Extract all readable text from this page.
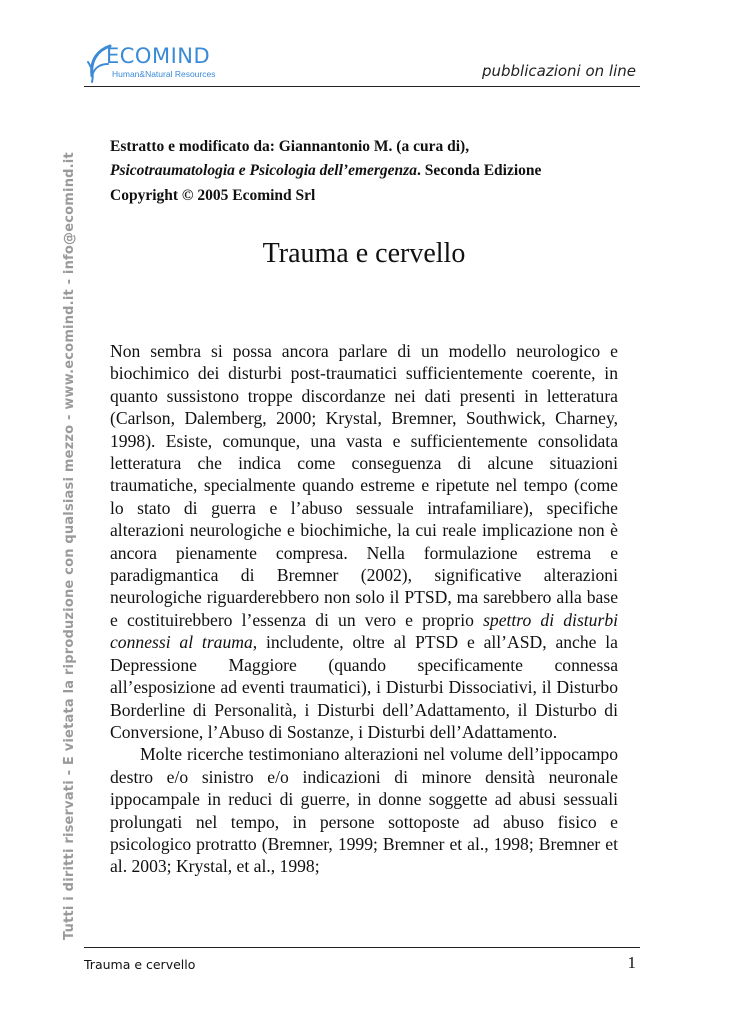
Tutti i diritti riservati - È vietata la riproduzione con qualsiasi mezzo - www.ecomind.it - info@ecomind.it
ECOMIND
Human&Natural Resources	pubblicazioni on line
Estratto e modificato da: Giannantonio M. (a cura di),
Psicotraumatologia e Psicologia dell’emergenza. Seconda Edizione
Copyright © 2005 Ecomind Srl
Trauma e cervello

Non sembra si possa ancora parlare di un modello neurologico e biochimico dei disturbi post-traumatici sufficientemente coerente, in quanto sussistono troppe discordanze nei dati presenti in letteratura (Carlson, Dalemberg, 2000; Krystal, Bremner, Southwick, Charney, 1998). Esiste, comunque, una vasta e sufficientemente consolidata letteratura che indica come conseguenza di alcune situazioni traumatiche, specialmente quando estreme e ripetute nel tempo (come lo stato di guerra e l’abuso sessuale intrafamiliare), specifiche alterazioni neurologiche e biochimiche, la cui reale implicazione non è ancora pienamente compresa. Nella formulazione estrema e paradigmantica di Bremner (2002), significative alterazioni neurologiche riguarderebbero non solo il PTSD, ma sarebbero alla base e costituirebbero l’essenza di un vero e proprio spettro di disturbi connessi al trauma, includente, oltre al PTSD e all’ASD, anche la Depressione Maggiore (quando specificamente connessa all’esposizione ad eventi traumatici), i Disturbi Dissociativi, il Disturbo Borderline di Personalità, i Disturbi dell’Adattamento, il Disturbo di Conversione, l’Abuso di Sostanze, i Disturbi dell’Adattamento.

Molte ricerche testimoniano alterazioni nel volume dell’ippocampo destro e/o sinistro e/o indicazioni di minore densità neuronale ippocampale in reduci di guerre, in donne soggette ad abusi sessuali prolungati nel tempo, in persone sottoposte ad abuso fisico e psicologico protratto (Bremner, 1999; Bremner et al., 1998; Bremner et al. 2003; Krystal, et al., 1998;

Trauma e cervello	1
